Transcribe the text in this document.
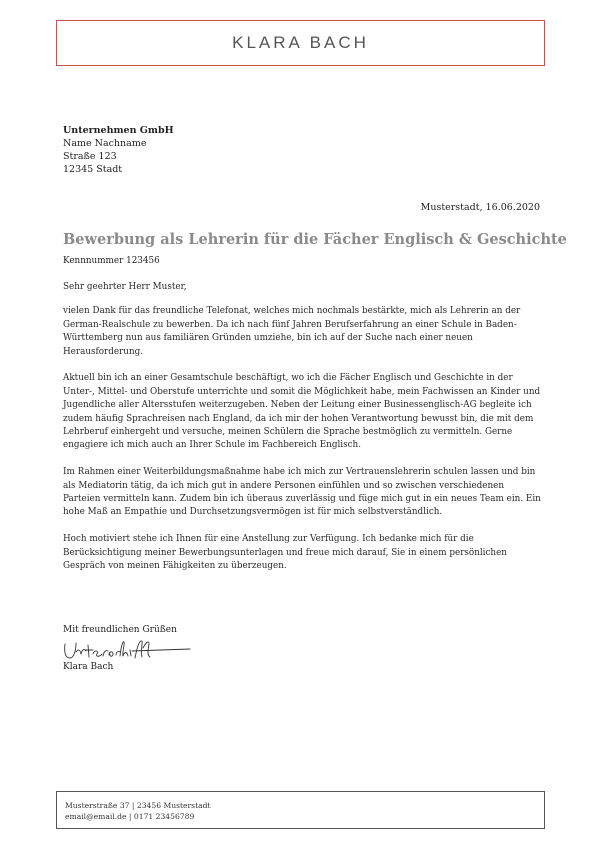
KLARA BACH
Unternehmen GmbH
Name Nachname
Straße 123
12345 Stadt
Musterstadt, 16.06.2020
Bewerbung als Lehrerin für die Fächer Englisch & Geschichte
Kennnummer 123456

Sehr geehrter Herr Muster,

vielen Dank für das freundliche Telefonat, welches mich nochmals bestärkte, mich als Lehrerin an der German-Realschule zu bewerben. Da ich nach fünf Jahren Berufserfahrung an einer Schule in Baden-Württemberg nun aus familiären Gründen umziehe, bin ich auf der Suche nach einer neuen Herausforderung.

Aktuell bin ich an einer Gesamtschule beschäftigt, wo ich die Fächer Englisch und Geschichte in der Unter-, Mittel- und Oberstufe unterrichte und somit die Möglichkeit habe, mein Fachwissen an Kinder und Jugendliche aller Altersstufen weiterzugeben. Neben der Leitung einer Businessenglisch-AG begleite ich zudem häufig Sprachreisen nach England, da ich mir der hohen Verantwortung bewusst bin, die mit dem Lehrberuf einhergeht und versuche, meinen Schülern die Sprache bestmöglich zu vermitteln. Gerne engagiere ich mich auch an Ihrer Schule im Fachbereich Englisch.

Im Rahmen einer Weiterbildungsmaßnahme habe ich mich zur Vertrauenslehrerin schulen lassen und bin als Mediatorin tätig, da ich mich gut in andere Personen einfühlen und so zwischen verschiedenen Parteien vermitteln kann. Zudem bin ich überaus zuverlässig und füge mich gut in ein neues Team ein. Ein hohe Maß an Empathie und Durchsetzungsvermögen ist für mich selbstverständlich.

Hoch motiviert stehe ich Ihnen für eine Anstellung zur Verfügung. Ich bedanke mich für die Berücksichtigung meiner Bewerbungsunterlagen und freue mich darauf, Sie in einem persönlichen Gespräch von meinen Fähigkeiten zu überzeugen.

Mit freundlichen Grüßen
Klara Bach
Musterstraße 37 | 23456 Musterstadt
email@email.de | 0171 23456789
